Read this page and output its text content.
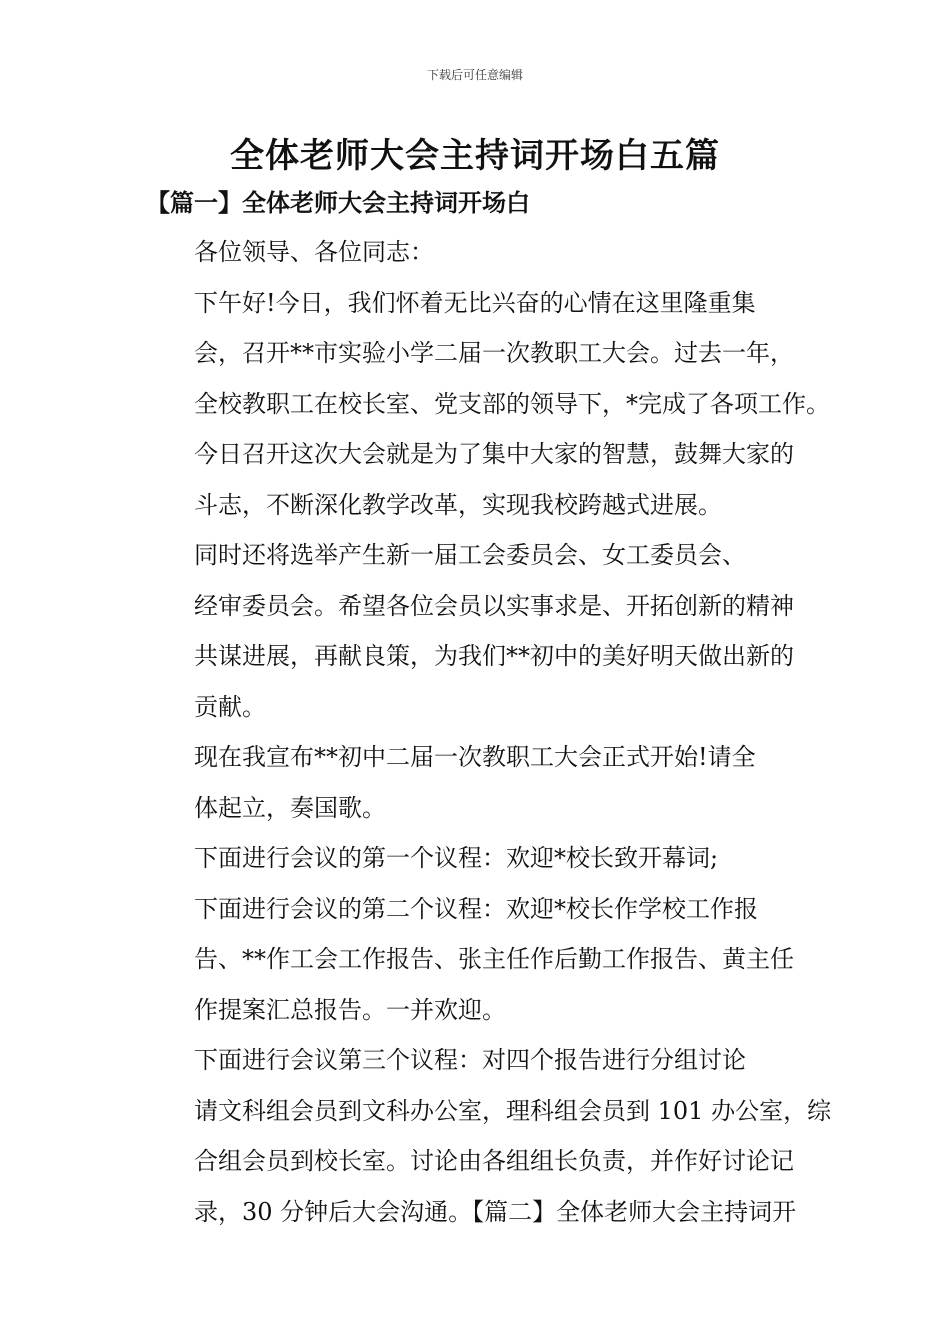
下载后可任意编辑
全体老师大会主持词开场白五篇
【篇一】全体老师大会主持词开场白

各位领导、各位同志：

下午好!今日，我们怀着无比兴奋的心情在这里隆重集
会，召开**市实验小学二届一次教职工大会。过去一年，
全校教职工在校长室、党支部的领导下，*完成了各项工作。
今日召开这次大会就是为了集中大家的智慧，鼓舞大家的
斗志，不断深化教学改革，实现我校跨越式进展。

同时还将选举产生新一届工会委员会、女工委员会、
经审委员会。希望各位会员以实事求是、开拓创新的精神
共谋进展，再献良策，为我们**初中的美好明天做出新的
贡献。

现在我宣布**初中二届一次教职工大会正式开始!请全
体起立，奏国歌。

下面进行会议的第一个议程：欢迎*校长致开幕词;

下面进行会议的第二个议程：欢迎*校长作学校工作报
告、**作工会工作报告、张主任作后勤工作报告、黄主任
作提案汇总报告。一并欢迎。

下面进行会议第三个议程：对四个报告进行分组讨论
请文科组会员到文科办公室，理科组会员到 101 办公室，综
合组会员到校长室。讨论由各组组长负责，并作好讨论记
录，30 分钟后大会沟通。【篇二】全体老师大会主持词开
